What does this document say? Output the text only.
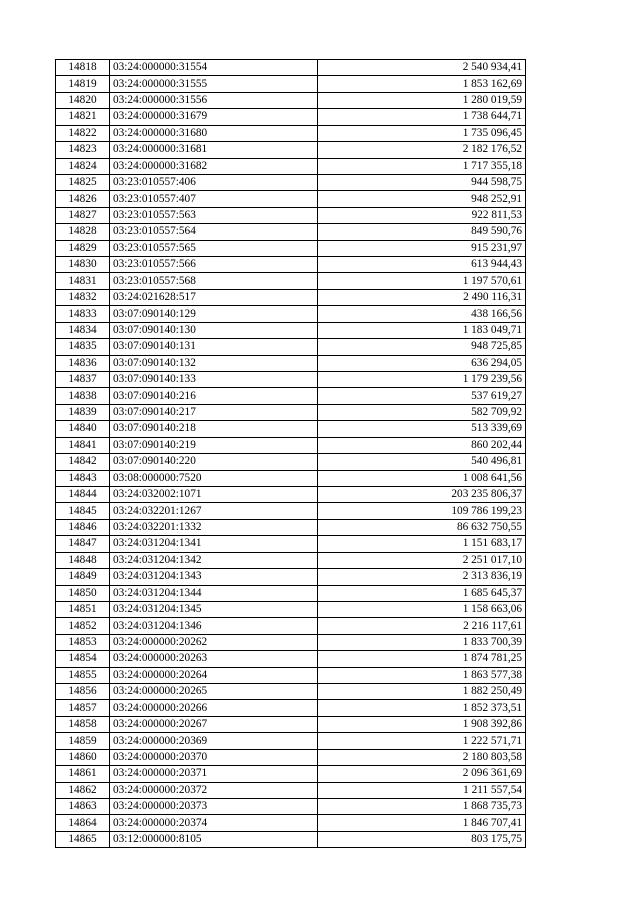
14818	03:24:000000:31554	2 540 934,41
14819	03:24:000000:31555	1 853 162,69
14820	03:24:000000:31556	1 280 019,59
14821	03:24:000000:31679	1 738 644,71
14822	03:24:000000:31680	1 735 096,45
14823	03:24:000000:31681	2 182 176,52
14824	03:24:000000:31682	1 717 355,18
14825	03:23:010557:406	944 598,75
14826	03:23:010557:407	948 252,91
14827	03:23:010557:563	922 811,53
14828	03:23:010557:564	849 590,76
14829	03:23:010557:565	915 231,97
14830	03:23:010557:566	613 944,43
14831	03:23:010557:568	1 197 570,61
14832	03:24:021628:517	2 490 116,31
14833	03:07:090140:129	438 166,56
14834	03:07:090140:130	1 183 049,71
14835	03:07:090140:131	948 725,85
14836	03:07:090140:132	636 294,05
14837	03:07:090140:133	1 179 239,56
14838	03:07:090140:216	537 619,27
14839	03:07:090140:217	582 709,92
14840	03:07:090140:218	513 339,69
14841	03:07:090140:219	860 202,44
14842	03:07:090140:220	540 496,81
14843	03:08:000000:7520	1 008 641,56
14844	03:24:032002:1071	203 235 806,37
14845	03:24:032201:1267	109 786 199,23
14846	03:24:032201:1332	86 632 750,55
14847	03:24:031204:1341	1 151 683,17
14848	03:24:031204:1342	2 251 017,10
14849	03:24:031204:1343	2 313 836,19
14850	03:24:031204:1344	1 685 645,37
14851	03:24:031204:1345	1 158 663,06
14852	03:24:031204:1346	2 216 117,61
14853	03:24:000000:20262	1 833 700,39
14854	03:24:000000:20263	1 874 781,25
14855	03:24:000000:20264	1 863 577,38
14856	03:24:000000:20265	1 882 250,49
14857	03:24:000000:20266	1 852 373,51
14858	03:24:000000:20267	1 908 392,86
14859	03:24:000000:20369	1 222 571,71
14860	03:24:000000:20370	2 180 803,58
14861	03:24:000000:20371	2 096 361,69
14862	03:24:000000:20372	1 211 557,54
14863	03:24:000000:20373	1 868 735,73
14864	03:24:000000:20374	1 846 707,41
14865	03:12:000000:8105	803 175,75
